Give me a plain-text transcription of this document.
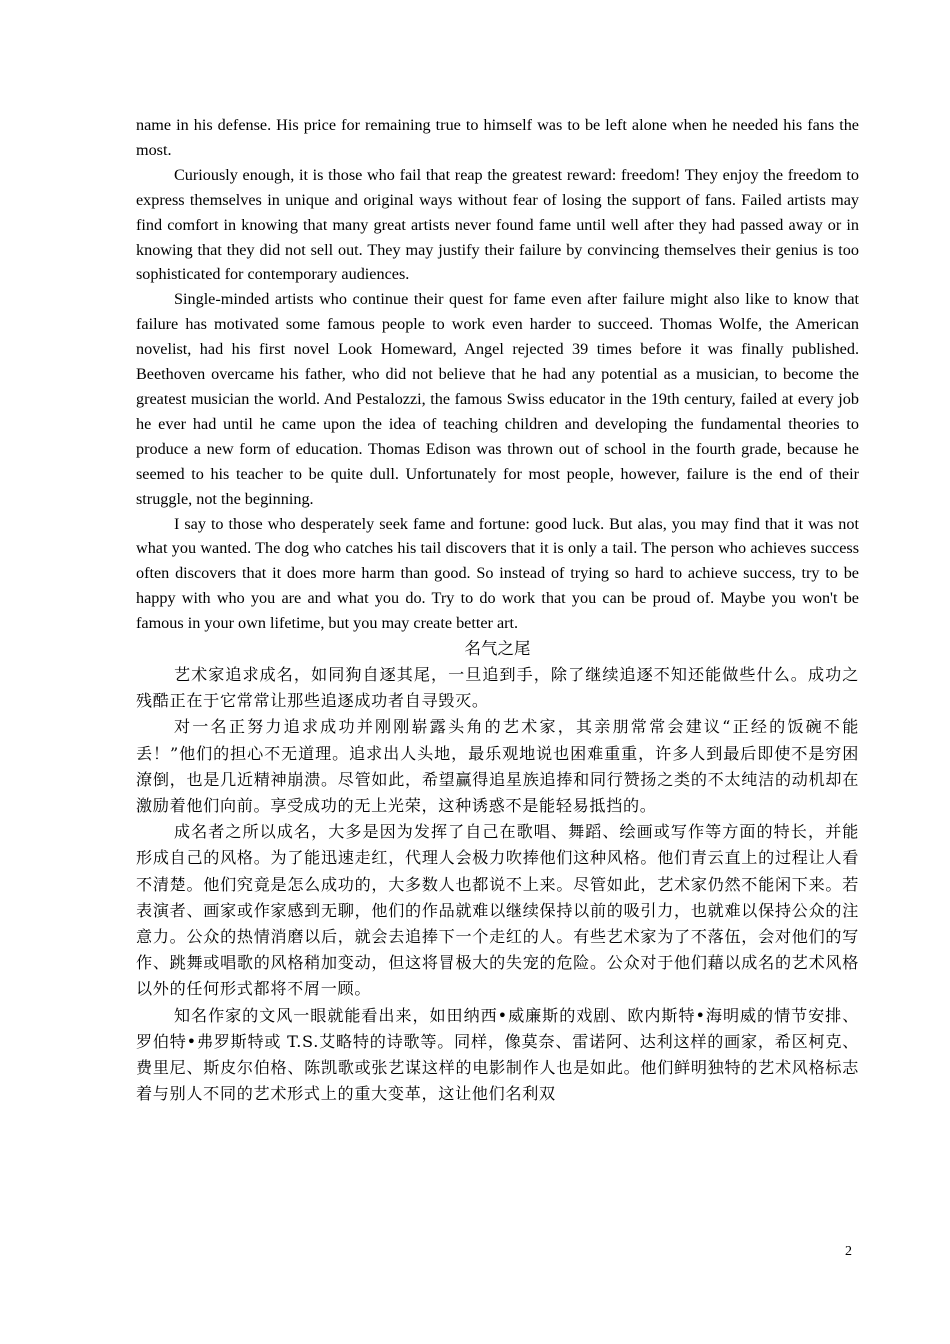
name in his defense. His price for remaining true to himself was to be left alone when he needed his fans the most.

Curiously enough, it is those who fail that reap the greatest reward: freedom! They enjoy the freedom to express themselves in unique and original ways without fear of losing the support of fans. Failed artists may find comfort in knowing that many great artists never found fame until well after they had passed away or in knowing that they did not sell out. They may justify their failure by convincing themselves their genius is too sophisticated for contemporary audiences.

Single-minded artists who continue their quest for fame even after failure might also like to know that failure has motivated some famous people to work even harder to succeed. Thomas Wolfe, the American novelist, had his first novel Look Homeward, Angel rejected 39 times before it was finally published. Beethoven overcame his father, who did not believe that he had any potential as a musician, to become the greatest musician the world. And Pestalozzi, the famous Swiss educator in the 19th century, failed at every job he ever had until he came upon the idea of teaching children and developing the fundamental theories to produce a new form of education. Thomas Edison was thrown out of school in the fourth grade, because he seemed to his teacher to be quite dull. Unfortunately for most people, however, failure is the end of their struggle, not the beginning.

I say to those who desperately seek fame and fortune: good luck. But alas, you may find that it was not what you wanted. The dog who catches his tail discovers that it is only a tail. The person who achieves success often discovers that it does more harm than good. So instead of trying so hard to achieve success, try to be happy with who you are and what you do. Try to do work that you can be proud of. Maybe you won't be famous in your own lifetime, but you may create better art.

名气之尾

艺术家追求成名，如同狗自逐其尾，一旦追到手，除了继续追逐不知还能做些什么。成功之残酷正在于它常常让那些追逐成功者自寻毁灭。

对一名正努力追求成功并刚刚崭露头角的艺术家，其亲朋常常会建议“正经的饭碗不能丢！”他们的担心不无道理。追求出人头地，最乐观地说也困难重重，许多人到最后即使不是穷困潦倒，也是几近精神崩溃。尽管如此，希望赢得追星族追捧和同行赞扬之类的不太纯洁的动机却在激励着他们向前。享受成功的无上光荣，这种诱惑不是能轻易抵挡的。

成名者之所以成名，大多是因为发挥了自己在歌唱、舞蹈、绘画或写作等方面的特长，并能形成自己的风格。为了能迅速走红，代理人会极力吹捧他们这种风格。他们青云直上的过程让人看不清楚。他们究竟是怎么成功的，大多数人也都说不上来。尽管如此，艺术家仍然不能闲下来。若表演者、画家或作家感到无聊，他们的作品就难以继续保持以前的吸引力，也就难以保持公众的注意力。公众的热情消磨以后，就会去追捧下一个走红的人。有些艺术家为了不落伍，会对他们的写作、跳舞或唱歌的风格稍加变动，但这将冒极大的失宠的危险。公众对于他们藉以成名的艺术风格以外的任何形式都将不屑一顾。

知名作家的文风一眼就能看出来，如田纳西•威廉斯的戏剧、欧内斯特•海明威的情节安排、罗伯特•弗罗斯特或 T.S.艾略特的诗歌等。同样，像莫奈、雷诺阿、达利这样的画家，希区柯克、费里尼、斯皮尔伯格、陈凯歌或张艺谋这样的电影制作人也是如此。他们鲜明独特的艺术风格标志着与别人不同的艺术形式上的重大变革，这让他们名利双

2
